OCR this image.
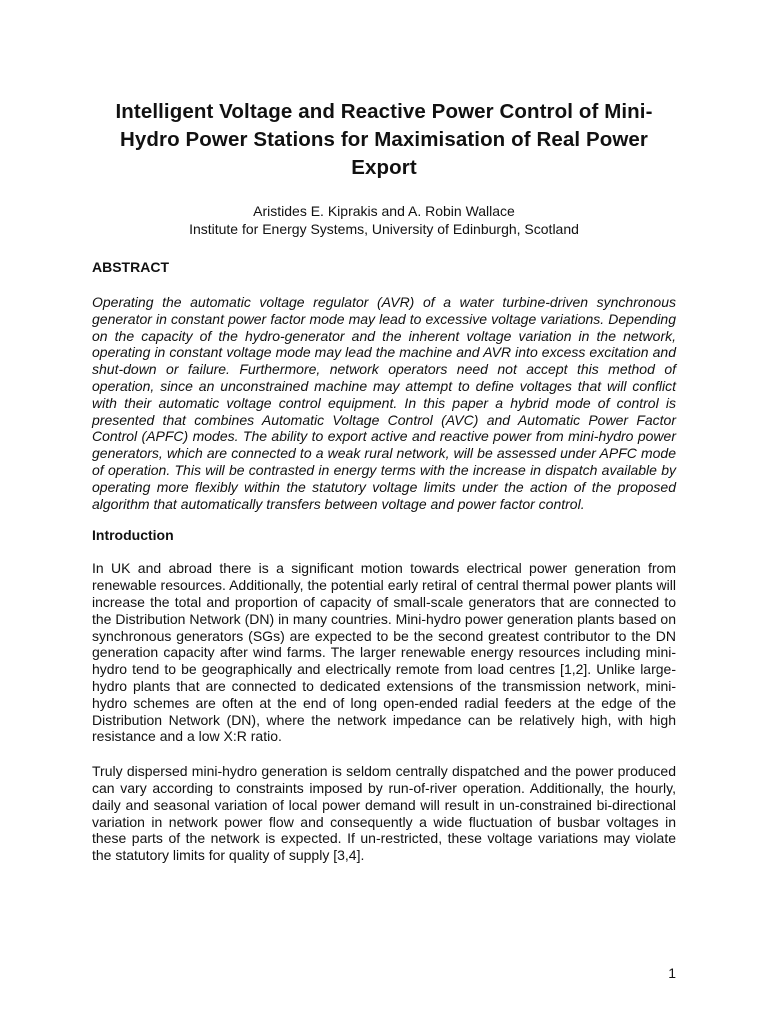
Intelligent Voltage and Reactive Power Control of Mini-Hydro Power Stations for Maximisation of Real Power Export

Aristides E. Kiprakis and A. Robin Wallace

Institute for Energy Systems, University of Edinburgh, Scotland

ABSTRACT

Operating the automatic voltage regulator (AVR) of a water turbine-driven synchronous generator in constant power factor mode may lead to excessive voltage variations. Depending on the capacity of the hydro-generator and the inherent voltage variation in the network, operating in constant voltage mode may lead the machine and AVR into excess excitation and shut-down or failure. Furthermore, network operators need not accept this method of operation, since an unconstrained machine may attempt to define voltages that will conflict with their automatic voltage control equipment. In this paper a hybrid mode of control is presented that combines Automatic Voltage Control (AVC) and Automatic Power Factor Control (APFC) modes. The ability to export active and reactive power from mini-hydro power generators, which are connected to a weak rural network, will be assessed under APFC mode of operation. This will be contrasted in energy terms with the increase in dispatch available by operating more flexibly within the statutory voltage limits under the action of the proposed algorithm that automatically transfers between voltage and power factor control.

Introduction

In UK and abroad there is a significant motion towards electrical power generation from renewable resources. Additionally, the potential early retiral of central thermal power plants will increase the total and proportion of capacity of small-scale generators that are connected to the Distribution Network (DN) in many countries. Mini-hydro power generation plants based on synchronous generators (SGs) are expected to be the second greatest contributor to the DN generation capacity after wind farms. The larger renewable energy resources including mini-hydro tend to be geographically and electrically remote from load centres [1,2]. Unlike large-hydro plants that are connected to dedicated extensions of the transmission network, mini-hydro schemes are often at the end of long open-ended radial feeders at the edge of the Distribution Network (DN), where the network impedance can be relatively high, with high resistance and a low X:R ratio.

Truly dispersed mini-hydro generation is seldom centrally dispatched and the power produced can vary according to constraints imposed by run-of-river operation. Additionally, the hourly, daily and seasonal variation of local power demand will result in un-constrained bi-directional variation in network power flow and consequently a wide fluctuation of busbar voltages in these parts of the network is expected. If un-restricted, these voltage variations may violate the statutory limits for quality of supply [3,4].

1
